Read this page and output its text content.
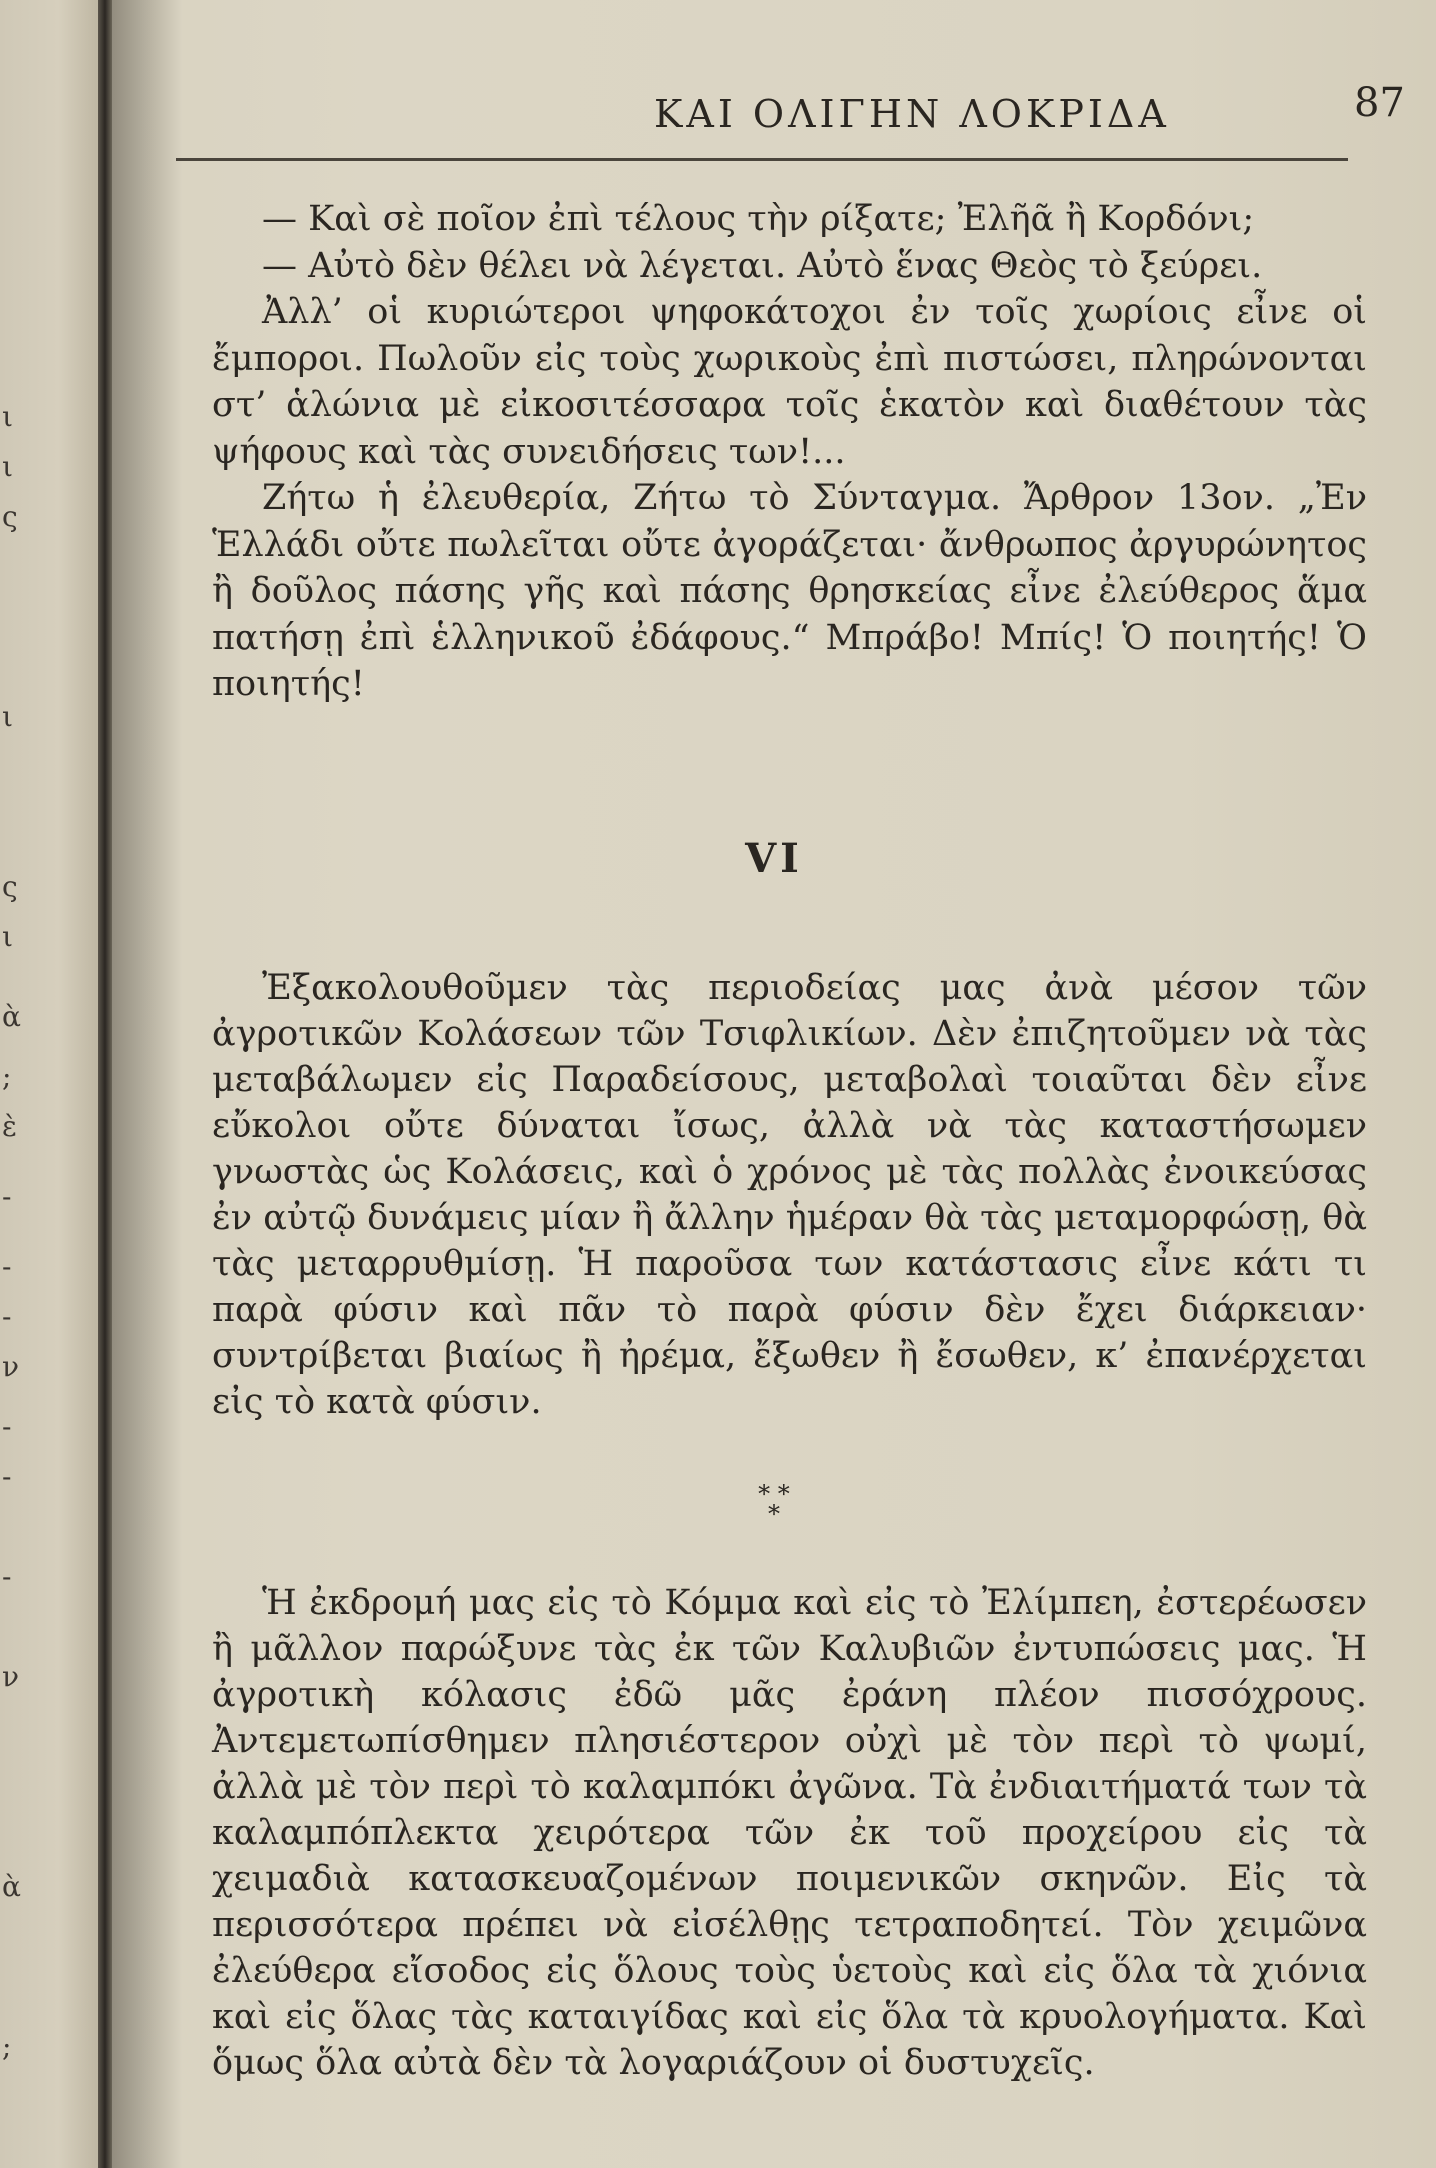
ι
ι
ς
ι
ς
ι
ὰ
;
ὲ
-
-
-
ν
-
-
-
ν
ὰ
;
ΚΑΙ ΟΛΙΓΗΝ ΛΟΚΡΙΔΑ	87

— Καὶ σὲ ποῖον ἐπὶ τέλους τὴν ρίξατε; Ἐλῆᾶ ἢ Κορδόνι;

— Αὐτὸ δὲν θέλει νὰ λέγεται. Αὐτὸ ἕνας Θεὸς τὸ ξεύρει.

Ἀλλ’ οἱ κυριώτεροι ψηφοκάτοχοι ἐν τοῖς χωρίοις εἶνε οἱ ἔμποροι. Πωλοῦν εἰς τοὺς χωρικοὺς ἐπὶ πιστώσει, πληρώνονται στ’ ἁλώνια μὲ εἰκοσιτέσσαρα τοῖς ἑκατὸν καὶ διαθέτουν τὰς ψήφους καὶ τὰς συνειδήσεις των!...

Ζήτω ἡ ἐλευθερία, Ζήτω τὸ Σύνταγμα. Ἄρθρον 13ον. „Ἐν Ἑλλάδι οὔτε πωλεῖται οὔτε ἀγοράζεται· ἄνθρωπος ἀργυρώνητος ἢ δοῦλος πάσης γῆς καὶ πάσης θρησκείας εἶνε ἐλεύθερος ἅμα πατήσῃ ἐπὶ ἑλληνικοῦ ἐδάφους.“ Μπράβο! Μπίς! Ὁ ποιητής! Ὁ ποιητής!

VI

Ἐξακολουθοῦμεν τὰς περιοδείας μας ἀνὰ μέσον τῶν ἀγροτικῶν Κολάσεων τῶν Τσιφλικίων. Δὲν ἐπιζητοῦμεν νὰ τὰς μεταβάλωμεν εἰς Παραδείσους, μεταβολαὶ τοιαῦται δὲν εἶνε εὔκολοι οὔτε δύναται ἴσως, ἀλλὰ νὰ τὰς καταστήσωμεν γνωστὰς ὡς Κολάσεις, καὶ ὁ χρόνος μὲ τὰς πολλὰς ἐνοικεύσας ἐν αὐτῷ δυνάμεις μίαν ἢ ἄλλην ἡμέραν θὰ τὰς μεταμορφώσῃ, θὰ τὰς μεταρρυθμίσῃ. Ἡ παροῦσα των κατάστασις εἶνε κάτι τι παρὰ φύσιν καὶ πᾶν τὸ παρὰ φύσιν δὲν ἔχει διάρκειαν· συντρίβεται βιαίως ἢ ἠρέμα, ἔξωθεν ἢ ἔσωθεν, κ’ ἐπανέρχεται εἰς τὸ κατὰ φύσιν.

* *
*

Ἡ ἐκδρομή μας εἰς τὸ Κόμμα καὶ εἰς τὸ Ἐλίμπεη, ἐστερέωσεν ἢ μᾶλλον παρώξυνε τὰς ἐκ τῶν Καλυβιῶν ἐντυπώσεις μας. Ἡ ἀγροτικὴ κόλασις ἐδῶ μᾶς ἐράνη πλέον πισσόχρους. Ἀντεμετωπίσθημεν πλησιέστερον οὐχὶ μὲ τὸν περὶ τὸ ψωμί, ἀλλὰ μὲ τὸν περὶ τὸ καλαμπόκι ἀγῶνα. Τὰ ἐνδιαιτήματά των τὰ καλαμπόπλεκτα χειρότερα τῶν ἐκ τοῦ προχείρου εἰς τὰ χειμαδιὰ κατασκευαζομένων ποιμενικῶν σκηνῶν. Εἰς τὰ περισσότερα πρέπει νὰ εἰσέλθῃς τετραποδητεί. Τὸν χειμῶνα ἐλεύθερα εἴσοδος εἰς ὅλους τοὺς ὑετοὺς καὶ εἰς ὅλα τὰ χιόνια καὶ εἰς ὅλας τὰς καταιγίδας καὶ εἰς ὅλα τὰ κρυολογήματα. Καὶ ὅμως ὅλα αὐτὰ δὲν τὰ λογαριάζουν οἱ δυστυχεῖς.
